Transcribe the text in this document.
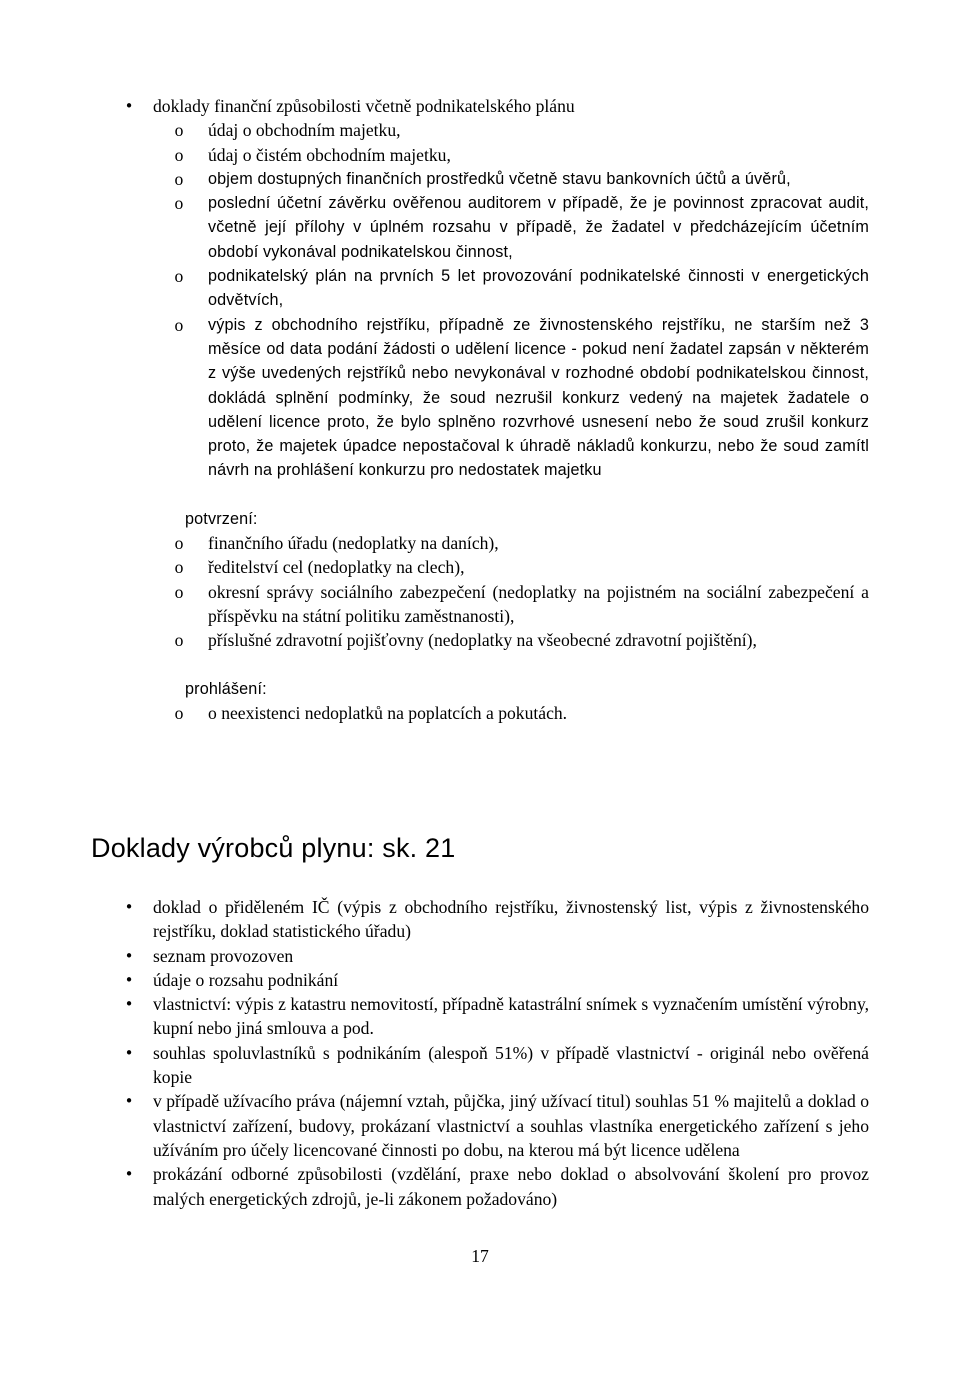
• doklady finanční způsobilosti včetně podnikatelského plánu
o údaj o obchodním majetku,
o údaj o čistém obchodním majetku,
o objem dostupných finančních prostředků včetně stavu bankovních účtů a úvěrů,
o poslední účetní závěrku ověřenou auditorem v případě, že je povinnost zpracovat audit, včetně její přílohy v úplném rozsahu v případě, že žadatel v předcházejícím účetním období vykonával podnikatelskou činnost,
o podnikatelský plán na prvních 5 let provozování podnikatelské činnosti v energetických odvětvích,
o výpis z obchodního rejstříku, případně ze živnostenského rejstříku, ne starším než 3 měsíce od data podání žádosti o udělení licence - pokud není žadatel zapsán v některém z výše uvedených rejstříků nebo nevykonával v rozhodné období podnikatelskou činnost, dokládá splnění podmínky, že soud nezrušil konkurz vedený na majetek žadatele o udělení licence proto, že bylo splněno rozvrhové usnesení nebo že soud zrušil konkurz proto, že majetek úpadce nepostačoval k úhradě nákladů konkurzu, nebo že soud zamítl návrh na prohlášení konkurzu pro nedostatek majetku
potvrzení:
o finančního úřadu (nedoplatky na daních),
o ředitelství cel (nedoplatky na clech),
o okresní správy sociálního zabezpečení (nedoplatky na pojistném na sociální zabezpečení a příspěvku na státní politiku zaměstnanosti),
o příslušné zdravotní pojišťovny (nedoplatky na všeobecné zdravotní pojištění),
prohlášení:
o o neexistenci nedoplatků na poplatcích a pokutách.
Doklady výrobců plynu: sk. 21
• doklad o přiděleném IČ (výpis z obchodního rejstříku, živnostenský list, výpis z živnostenského rejstříku, doklad statistického úřadu)
• seznam provozoven
• údaje o rozsahu podnikání
• vlastnictví: výpis z katastru nemovitostí, případně katastrální snímek s vyznačením umístění výrobny, kupní nebo jiná smlouva a pod.
• souhlas spoluvlastníků s podnikáním (alespoň 51%) v případě vlastnictví - originál nebo ověřená kopie
• v případě užívacího práva (nájemní vztah, půjčka, jiný užívací titul) souhlas 51 % majitelů a doklad o vlastnictví zařízení, budovy, prokázaní vlastnictví a souhlas vlastníka energetického zařízení s jeho užíváním pro účely licencované činnosti po dobu, na kterou má být licence udělena
• prokázání odborné způsobilosti (vzdělání, praxe nebo doklad o absolvování školení pro provoz malých energetických zdrojů, je-li zákonem požadováno)
17
